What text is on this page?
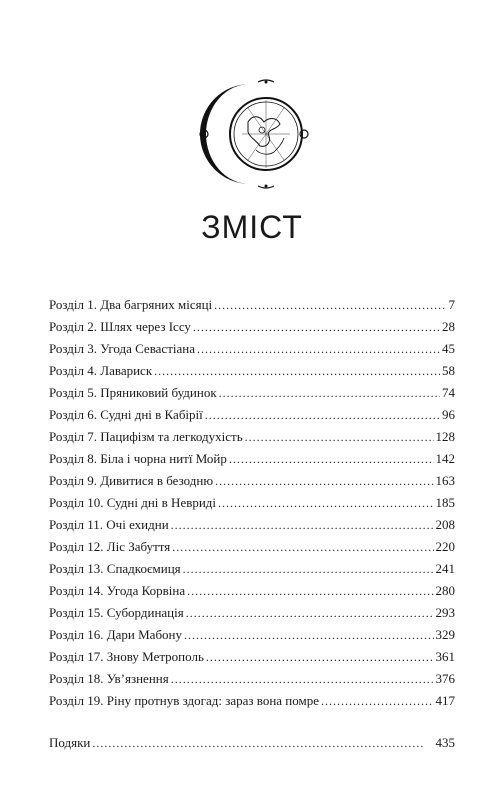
ЗМІСТ
Розділ 1. Два багряних місяці . . .	7
Розділ 2. Шлях через Іссу . . .	28
Розділ 3. Угода Севастіана . . .	45
Розділ 4. Лавариск . . .	58
Розділ 5. Пряниковий будинок . . .	74
Розділ 6. Судні дні в Кабірії . . .	96
Розділ 7. Пацифізм та легкодухість . . .	128
Розділ 8. Біла і чорна нитї Мойр . . .	142
Розділ 9. Дивитися в безодню . . .	163
Розділ 10. Судні дні в Невриді . . .	185
Розділ 11. Очі ехидни . . .	208
Розділ 12. Ліс Забуття . . .	220
Розділ 13. Спадкоємиця . . .	241
Розділ 14. Угода Корвіна . . .	280
Розділ 15. Субординація . . .	293
Розділ 16. Дари Мабону . . .	329
Розділ 17. Знову Метрополь . . .	361
Розділ 18. Ув’язнення . . .	376
Розділ 19. Ріну протнув здогад: зараз вона помре . . .	417
Подяки . . .	435
